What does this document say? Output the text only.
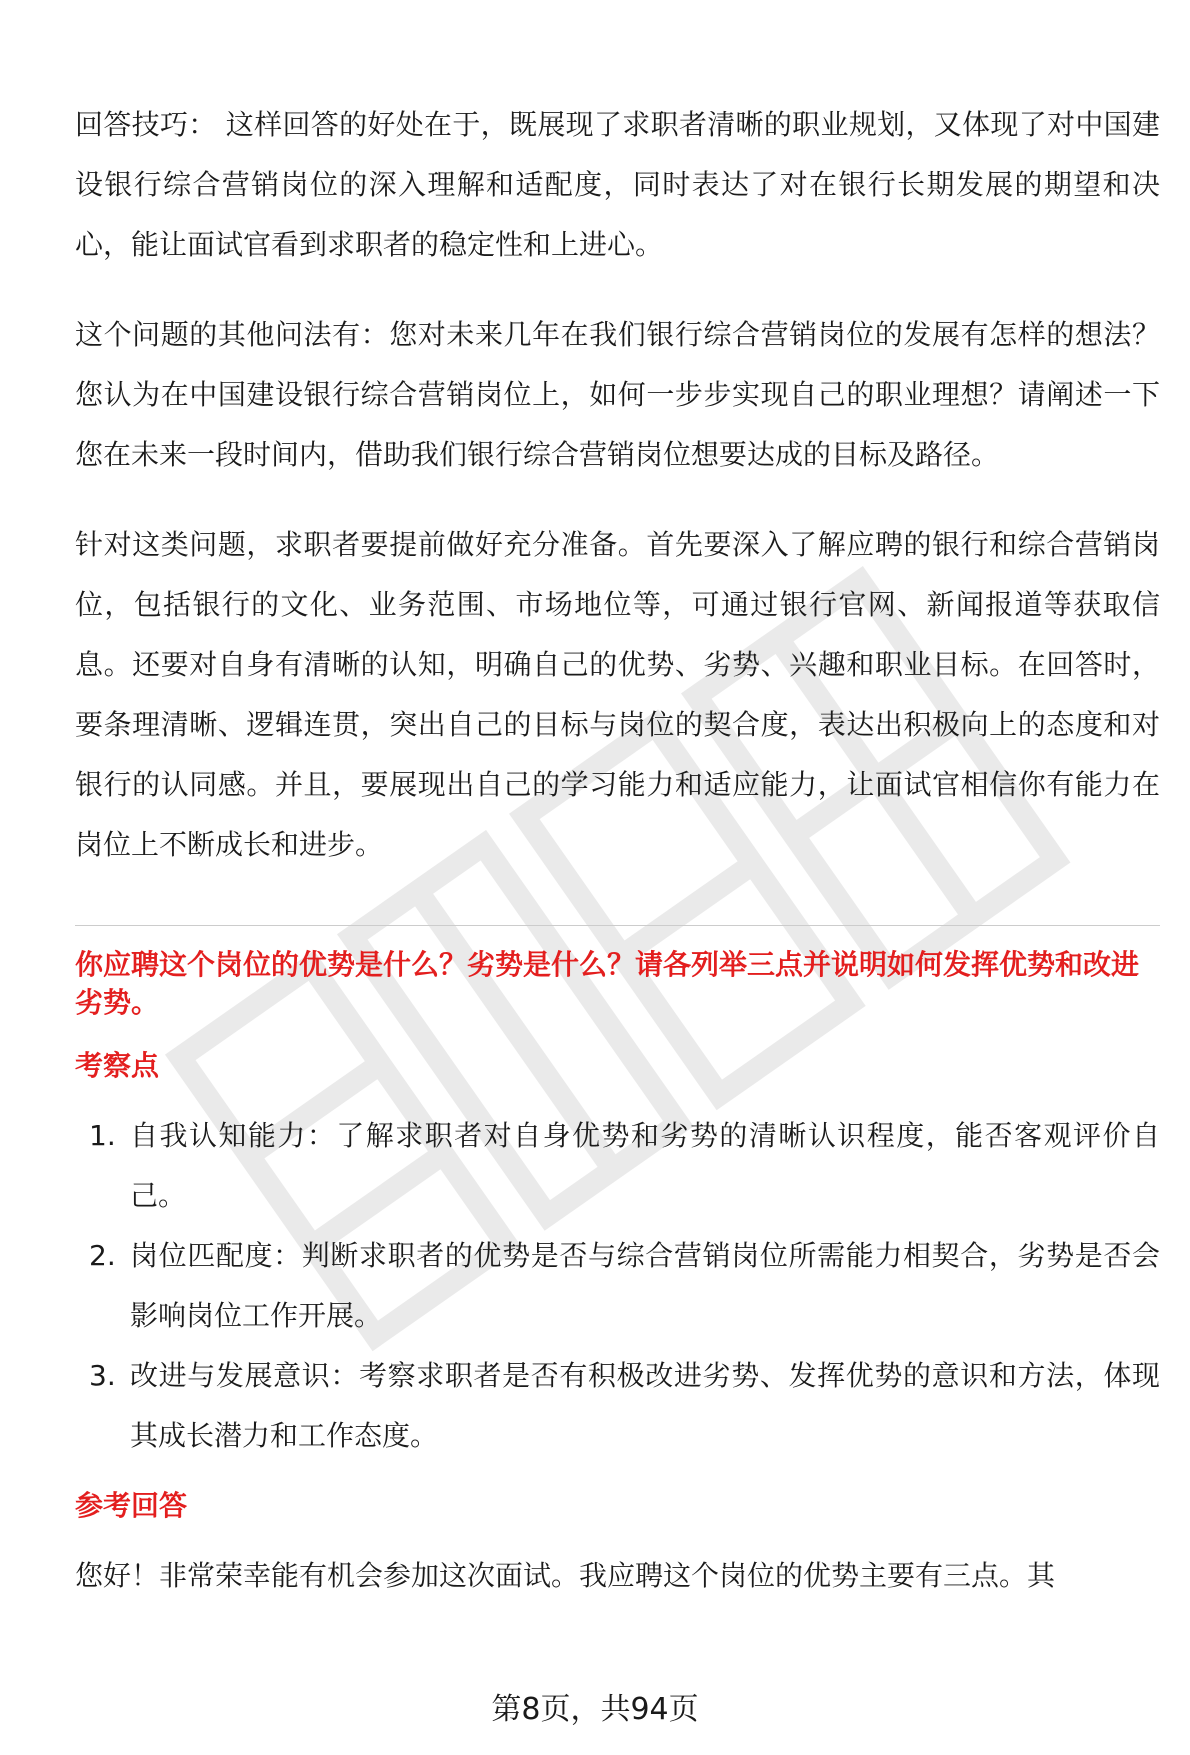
回答技巧： 这样回答的好处在于，既展现了求职者清晰的职业规划，又体现了对中国建设银行综合营销岗位的深入理解和适配度，同时表达了对在银行长期发展的期望和决心，能让面试官看到求职者的稳定性和上进心。

这个问题的其他问法有：您对未来几年在我们银行综合营销岗位的发展有怎样的想法？您认为在中国建设银行综合营销岗位上，如何一步步实现自己的职业理想？请阐述一下您在未来一段时间内，借助我们银行综合营销岗位想要达成的目标及路径。

针对这类问题，求职者要提前做好充分准备。首先要深入了解应聘的银行和综合营销岗位，包括银行的文化、业务范围、市场地位等，可通过银行官网、新闻报道等获取信息。还要对自身有清晰的认知，明确自己的优势、劣势、兴趣和职业目标。在回答时，要条理清晰、逻辑连贯，突出自己的目标与岗位的契合度，表达出积极向上的态度和对银行的认同感。并且，要展现出自己的学习能力和适应能力，让面试官相信你有能力在岗位上不断成长和进步。

你应聘这个岗位的优势是什么？劣势是什么？请各列举三点并说明如何发挥优势和改进劣势。
考察点
1. 自我认知能力：了解求职者对自身优势和劣势的清晰认识程度，能否客观评价自己。
2. 岗位匹配度：判断求职者的优势是否与综合营销岗位所需能力相契合，劣势是否会影响岗位工作开展。
3. 改进与发展意识：考察求职者是否有积极改进劣势、发挥优势的意识和方法，体现其成长潜力和工作态度。
参考回答

您好！非常荣幸能有机会参加这次面试。我应聘这个岗位的优势主要有三点。其

第8页，共94页
